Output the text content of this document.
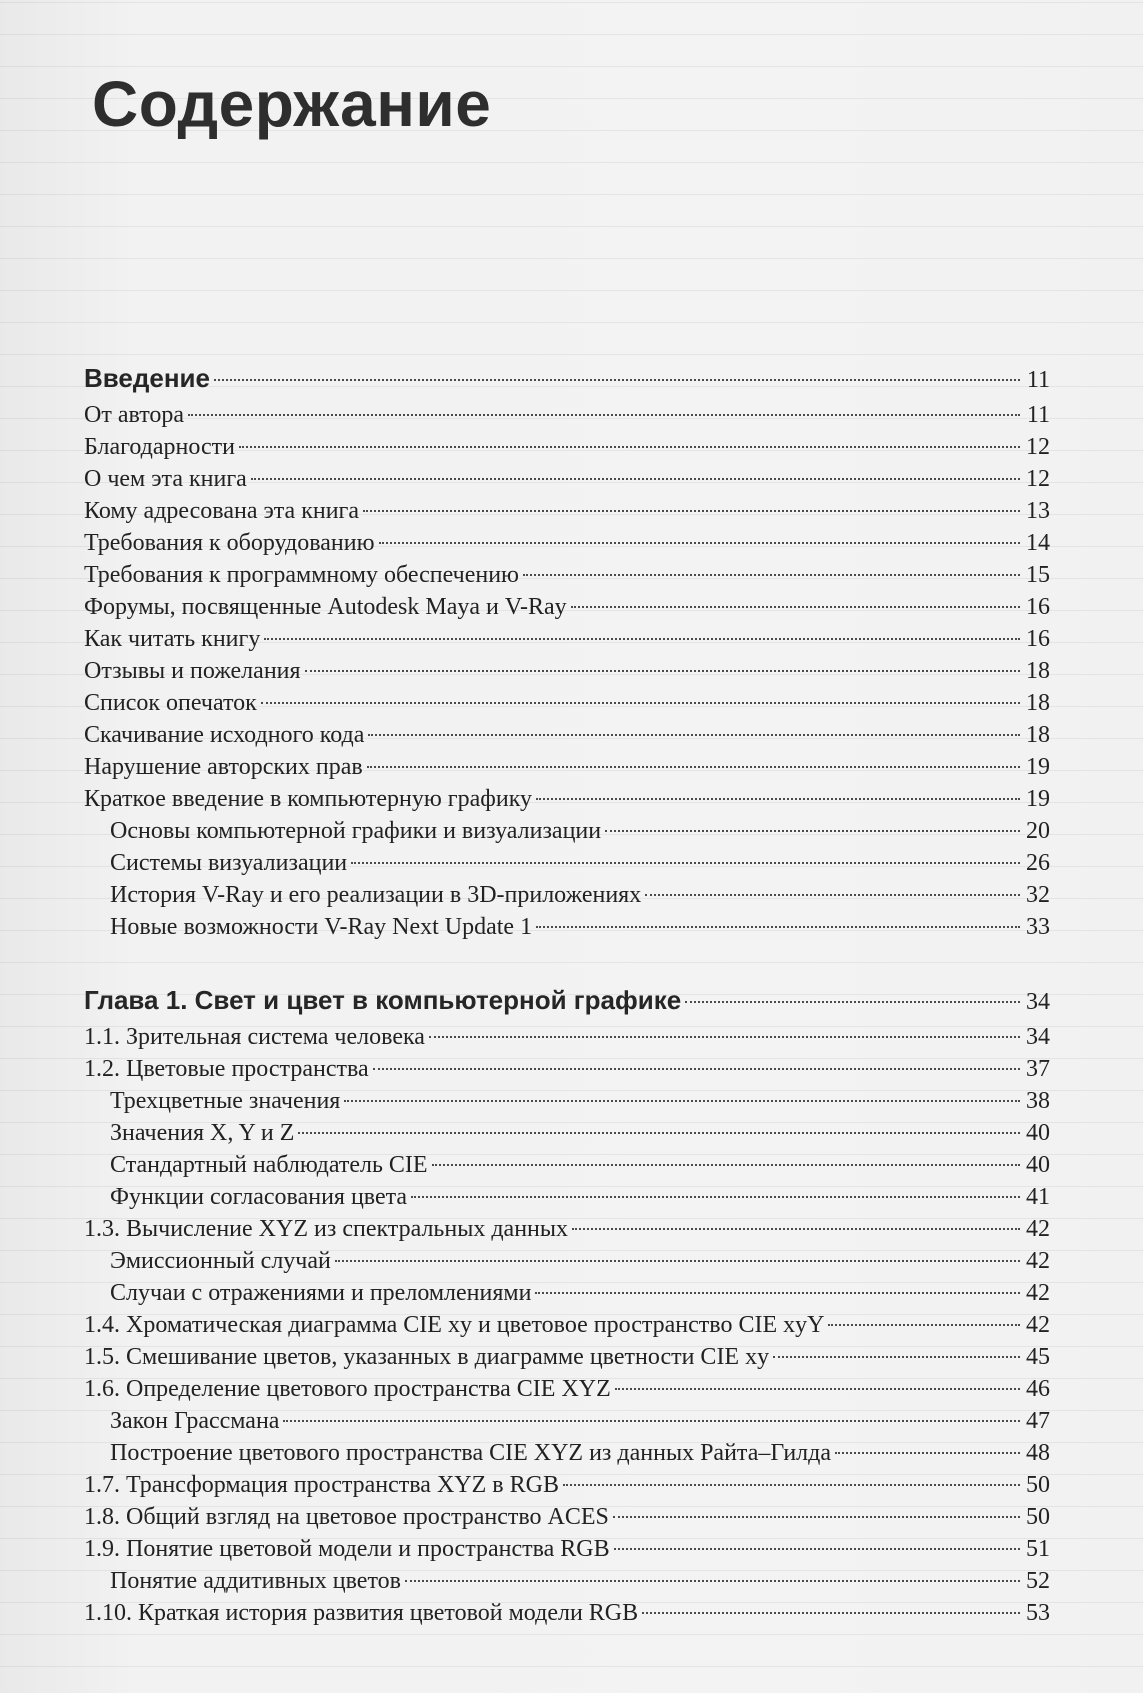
Содержание
Введение	11
От автора	11
Благодарности	12
О чем эта книга	12
Кому адресована эта книга	13
Требования к оборудованию	14
Требования к программному обеспечению	15
Форумы, посвященные Autodesk Maya и V-Ray	16
Как читать книгу	16
Отзывы и пожелания	18
Список опечаток	18
Скачивание исходного кода	18
Нарушение авторских прав	19
Краткое введение в компьютерную графику	19
Основы компьютерной графики и визуализации	20
Системы визуализации	26
История V-Ray и его реализации в 3D-приложениях	32
Новые возможности V-Ray Next Update 1	33
Глава 1. Свет и цвет в компьютерной графике	34
1.1. Зрительная система человека	34
1.2. Цветовые пространства	37
Трехцветные значения	38
Значения X, Y и Z	40
Стандартный наблюдатель CIE	40
Функции согласования цвета	41
1.3. Вычисление XYZ из спектральных данных	42
Эмиссионный случай	42
Случаи с отражениями и преломлениями	42
1.4. Хроматическая диаграмма CIE xy и цветовое пространство CIE xyY	42
1.5. Смешивание цветов, указанных в диаграмме цветности CIE xy	45
1.6. Определение цветового пространства CIE XYZ	46
Закон Грассмана	47
Построение цветового пространства CIE XYZ из данных Райта–Гилда	48
1.7. Трансформация пространства XYZ в RGB	50
1.8. Общий взгляд на цветовое пространство ACES	50
1.9. Понятие цветовой модели и пространства RGB	51
Понятие аддитивных цветов	52
1.10. Краткая история развития цветовой модели RGB	53
